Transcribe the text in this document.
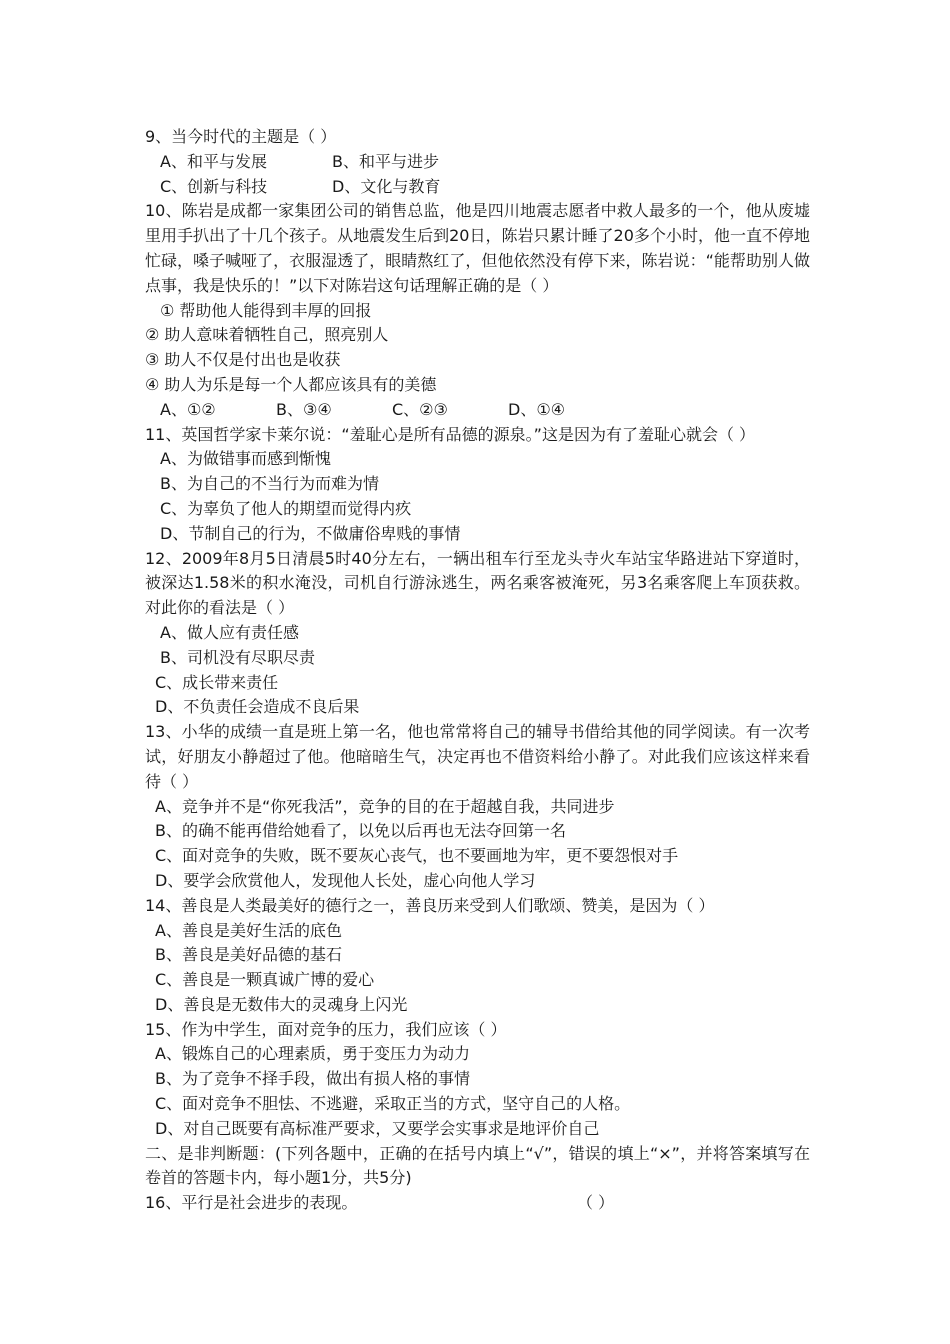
9、当今时代的主题是（ ）
A、和平与发展	B、和平与进步
C、创新与科技	D、文化与教育
10、陈岩是成都一家集团公司的销售总监，他是四川地震志愿者中救人最多的一个，他从废墟里用手扒出了十几个孩子。从地震发生后到20日，陈岩只累计睡了20多个小时，他一直不停地忙碌，嗓子喊哑了，衣服湿透了，眼睛熬红了，但他依然没有停下来，陈岩说：“能帮助别人做点事，我是快乐的！”以下对陈岩这句话理解正确的是（ ）
① 帮助他人能得到丰厚的回报
② 助人意味着牺牲自己，照亮别人
③ 助人不仅是付出也是收获
④ 助人为乐是每一个人都应该具有的美德
A、①②	B、③④	C、②③	D、①④
11、英国哲学家卡莱尔说：“羞耻心是所有品德的源泉。”这是因为有了羞耻心就会（ ）
A、为做错事而感到惭愧
B、为自己的不当行为而难为情
C、为辜负了他人的期望而觉得内疚
D、节制自己的行为，不做庸俗卑贱的事情
12、2009年8月5日清晨5时40分左右，一辆出租车行至龙头寺火车站宝华路进站下穿道时，被深达1.58米的积水淹没，司机自行游泳逃生，两名乘客被淹死，另3名乘客爬上车顶获救。对此你的看法是（ ）
A、做人应有责任感
B、司机没有尽职尽责
C、成长带来责任
D、不负责任会造成不良后果
13、小华的成绩一直是班上第一名，他也常常将自己的辅导书借给其他的同学阅读。有一次考试，好朋友小静超过了他。他暗暗生气，决定再也不借资料给小静了。对此我们应该这样来看待（ ）
A、竞争并不是“你死我活”，竞争的目的在于超越自我，共同进步
B、的确不能再借给她看了，以免以后再也无法夺回第一名
C、面对竞争的失败，既不要灰心丧气，也不要画地为牢，更不要怨恨对手
D、要学会欣赏他人，发现他人长处，虚心向他人学习
14、善良是人类最美好的德行之一，善良历来受到人们歌颂、赞美，是因为（ ）
A、善良是美好生活的底色
B、善良是美好品德的基石
C、善良是一颗真诚广博的爱心
D、善良是无数伟大的灵魂身上闪光
15、作为中学生，面对竞争的压力，我们应该（ ）
A、锻炼自己的心理素质，勇于变压力为动力
B、为了竞争不择手段，做出有损人格的事情
C、面对竞争不胆怯、不逃避，采取正当的方式，坚守自己的人格。
D、对自己既要有高标准严要求，又要学会实事求是地评价自己
二、是非判断题：(下列各题中，正确的在括号内填上“√”，错误的填上“×”，并将答案填写在卷首的答题卡内，每小题1分，共5分)
16、平行是社会进步的表现。	（ ）
